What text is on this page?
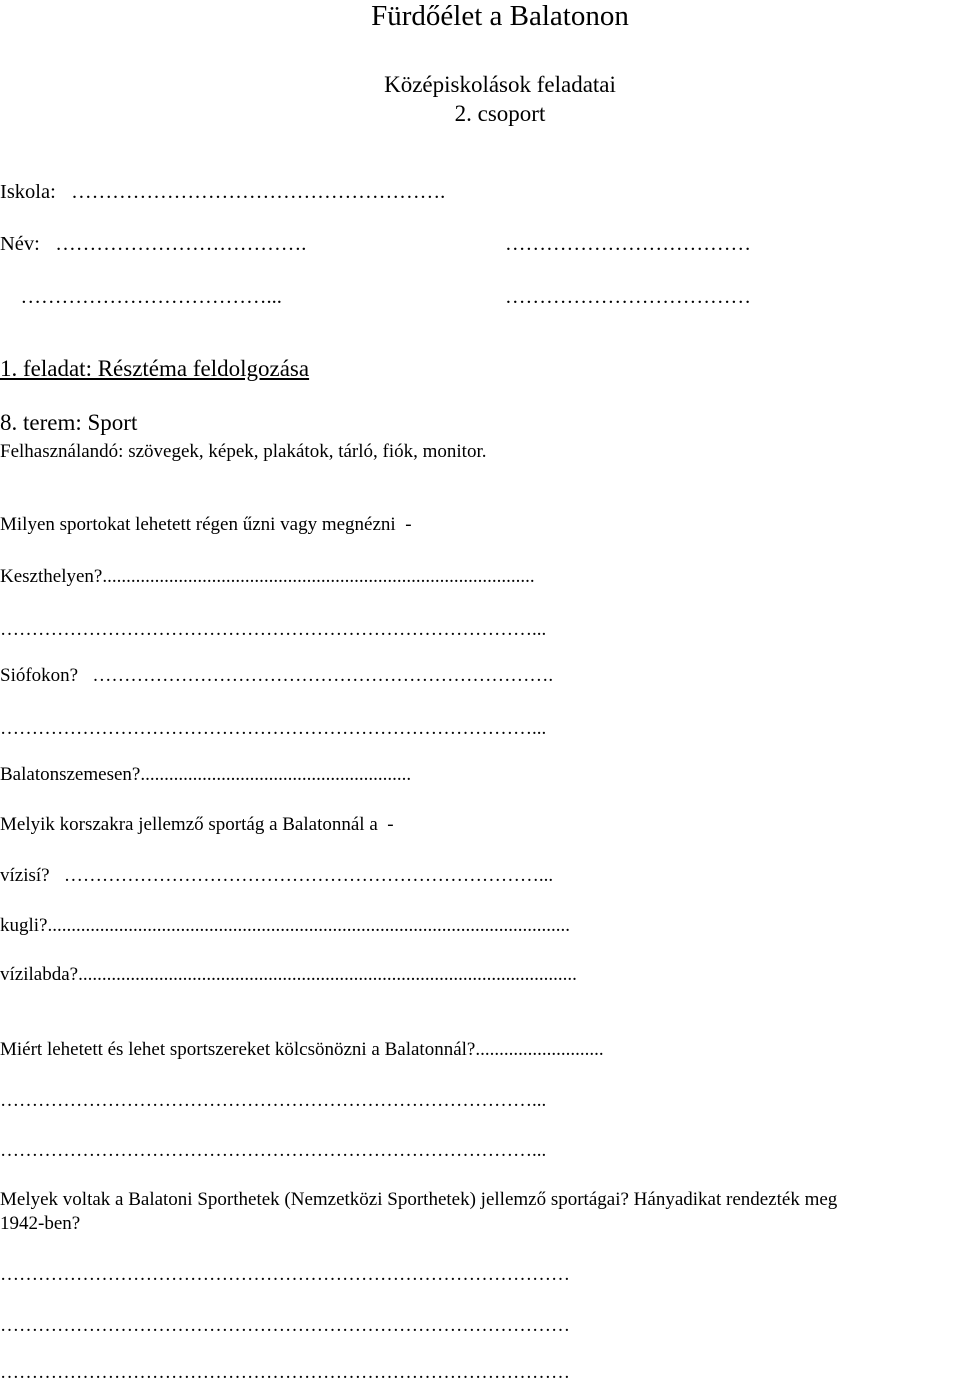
Fürdőélet a Balatonon
Középiskolások feladatai
2. csoport
Iskola:   ……………………………………………….
Név:   ……………………………….	………………………………
………………………………...	………………………………
1. feladat: Résztéma feldolgozása
8. terem: Sport
Felhasználandó: szövegek, képek, plakátok, tárló, fiók, monitor.
Milyen sportokat lehetett régen űzni vagy megnézni  -
Keszthelyen?...........................................................................................
…………………………………………………………………………...
Siófokon?   ……………………………………………………………….
…………………………………………………………………………...
Balatonszemesen?.........................................................
Melyik korszakra jellemző sportág a Balatonnál a  -
vízisí?   …………………………………………………………………...
kugli?..............................................................................................................
vízilabda?.........................................................................................................
Miért lehetett és lehet sportszereket kölcsönözni a Balatonnál?...........................
…………………………………………………………………………...
…………………………………………………………………………...
Melyek voltak a Balatoni Sporthetek (Nemzetközi Sporthetek) jellemző sportágai? Hányadikat rendezték meg
1942-ben?
………………………………………………………………………………
………………………………………………………………………………
………………………………………………………………………………
